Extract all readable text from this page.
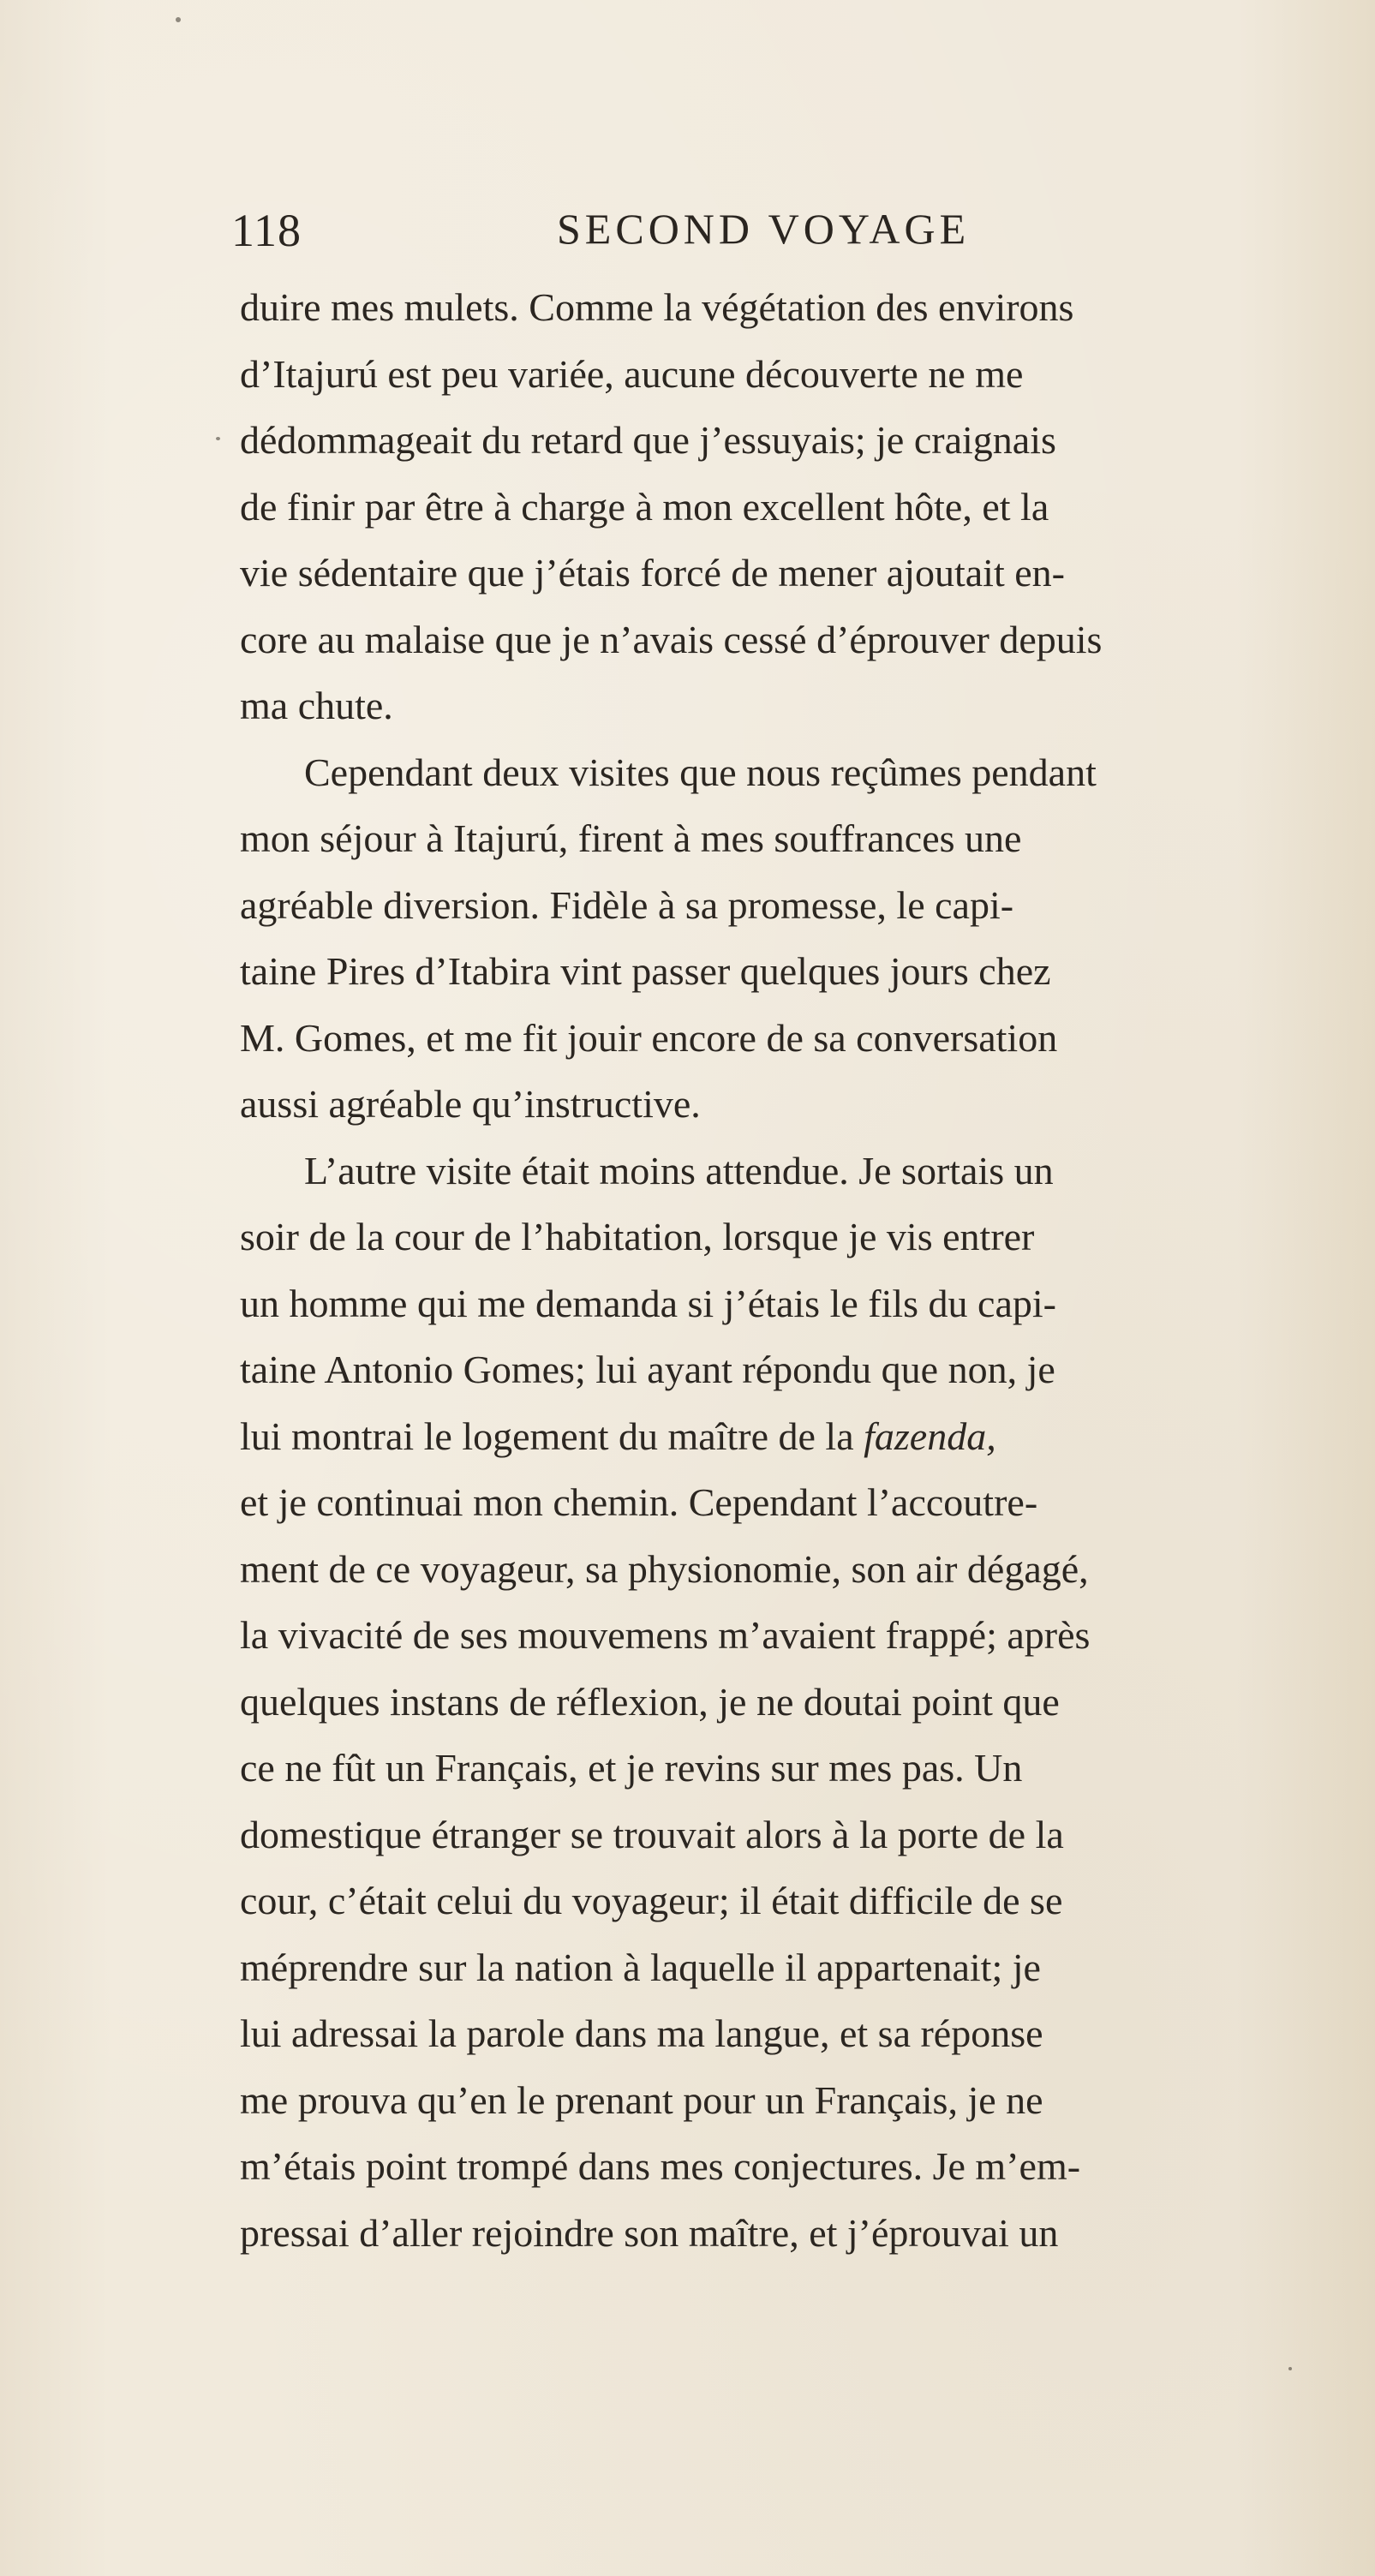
118	SECOND VOYAGE
duire mes mulets. Comme la végétation des environs
d’Itajurú est peu variée, aucune découverte ne me
dédommageait du retard que j’essuyais; je craignais
de finir par être à charge à mon excellent hôte, et la
vie sédentaire que j’étais forcé de mener ajoutait en-
core au malaise que je n’avais cessé d’éprouver depuis
ma chute.
Cependant deux visites que nous reçûmes pendant
mon séjour à Itajurú, firent à mes souffrances une
agréable diversion. Fidèle à sa promesse, le capi-
taine Pires d’Itabira vint passer quelques jours chez
M. Gomes, et me fit jouir encore de sa conversation
aussi agréable qu’instructive.
L’autre visite était moins attendue. Je sortais un
soir de la cour de l’habitation, lorsque je vis entrer
un homme qui me demanda si j’étais le fils du capi-
taine Antonio Gomes; lui ayant répondu que non, je
lui montrai le logement du maître de la fazenda,
et je continuai mon chemin. Cependant l’accoutre-
ment de ce voyageur, sa physionomie, son air dégagé,
la vivacité de ses mouvemens m’avaient frappé; après
quelques instans de réflexion, je ne doutai point que
ce ne fût un Français, et je revins sur mes pas. Un
domestique étranger se trouvait alors à la porte de la
cour, c’était celui du voyageur; il était difficile de se
méprendre sur la nation à laquelle il appartenait; je
lui adressai la parole dans ma langue, et sa réponse
me prouva qu’en le prenant pour un Français, je ne
m’étais point trompé dans mes conjectures. Je m’em-
pressai d’aller rejoindre son maître, et j’éprouvai un
